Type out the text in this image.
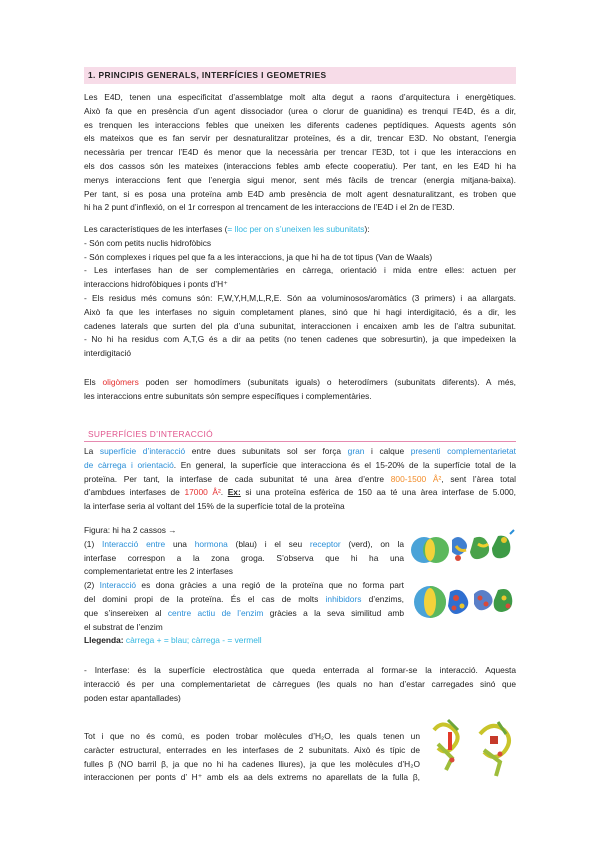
1. PRINCIPIS GENERALS, INTERFÍCIES I GEOMETRIES
Les E4D, tenen una especificitat d’assemblatge molt alta degut a raons d’arquitectura i energètiques.
Això fa que en presència d’un agent dissociador (urea o clorur de guanidina) es trenqui l’E4D, és a dir,
es trenquen les interaccions febles que uneixen les diferents cadenes peptídiques. Aquests agents són
els mateixos que es fan servir per desnaturalitzar proteïnes, és a dir, trencar E3D. No obstant, l’energia
necessària per trencar l’E4D és menor que la necessària per trencar l’E3D, tot i que les interaccions en
els dos cassos són les mateixes (interaccions febles amb efecte cooperatiu). Per tant, en les E4D hi ha
menys interaccions fent que l’energia sigui menor, sent més fàcils de trencar (energia mitjana-baixa).
Per tant, si es posa una proteïna amb E4D amb presència de molt agent desnaturalitzant, es troben que
hi ha 2 punt d’inflexió, on el 1r correspon al trencament de les interaccions de l’E4D i el 2n de l’E3D.
Les característiques de les interfases (= lloc per on s’uneixen les subunitats):
- Són com petits nuclis hidrofòbics
- Són complexes i riques pel que fa a les interaccions, ja que hi ha de tot tipus (Van de Waals)
- Les interfases han de ser complementàries en càrrega, orientació i mida entre elles: actuen per
interaccions hidrofòbiques i ponts d’H⁺
- Els residus més comuns són: F,W,Y,H,M,L,R,E. Són aa voluminosos/aromàtics (3 primers) i aa allargats.
Això fa que les interfases no siguin completament planes, sinó que hi hagi interdigitació, és a dir, les
cadenes laterals que surten del pla d’una subunitat, interaccionen i encaixen amb les de l’altra subunitat.
- No hi ha residus com A,T,G és a dir aa petits (no tenen cadenes que sobresurtin), ja que impedeixen la
interdigitació
Els oligòmers poden ser homodímers (subunitats iguals) o heterodímers (subunitats diferents). A més,
les interaccions entre subunitats són sempre específiques i complementàries.
SUPERFÍCIES D’INTERACCIÓ
La superfície d’interacció entre dues subunitats sol ser força gran i calque presenti complementarietat
de càrrega i orientació. En general, la superfície que interacciona és el 15-20% de la superfície total de la
proteïna. Per tant, la interfase de cada subunitat té una àrea d’entre 800-1500 Å², sent l’àrea total
d’ambdues interfases de 17000 Å². Ex: si una proteïna esfèrica de 150 aa té una àrea interfase de 5.000,
la interfase seria al voltant del 15% de la superfície total de la proteïna
Figura: hi ha 2 cassos →
(1) Interacció entre una hormona (blau) i el seu receptor (verd), on la
interfase correspon a la zona groga. S’observa que hi ha una
complementarietat entre les 2 interfases
(2) Interacció es dona gràcies a una regió de la proteïna que no forma part
del domini propi de la proteïna. És el cas de molts inhibidors d’enzims,
que s’insereixen al centre actiu de l’enzim gràcies a la seva similitud amb
el substrat de l’enzim
Llegenda: càrrega + = blau; càrrega - = vermell
- Interfase: és la superfície electrostàtica que queda enterrada al formar-se la interacció. Aquesta
interacció és per una complementarietat de càrregues (les quals no han d’estar carregades sinó que
poden estar apantallades)
Tot i que no és comú, es poden trobar molècules d’H₂O, les quals tenen un
caràcter estructural, enterrades en les interfases de 2 subunitats. Això és típic de
fulles β (NO barril β, ja que no hi ha cadenes lliures), ja que les molècules d’H₂O
interaccionen per ponts d’ H⁺ amb els aa dels extrems no aparellats de la fulla β,
